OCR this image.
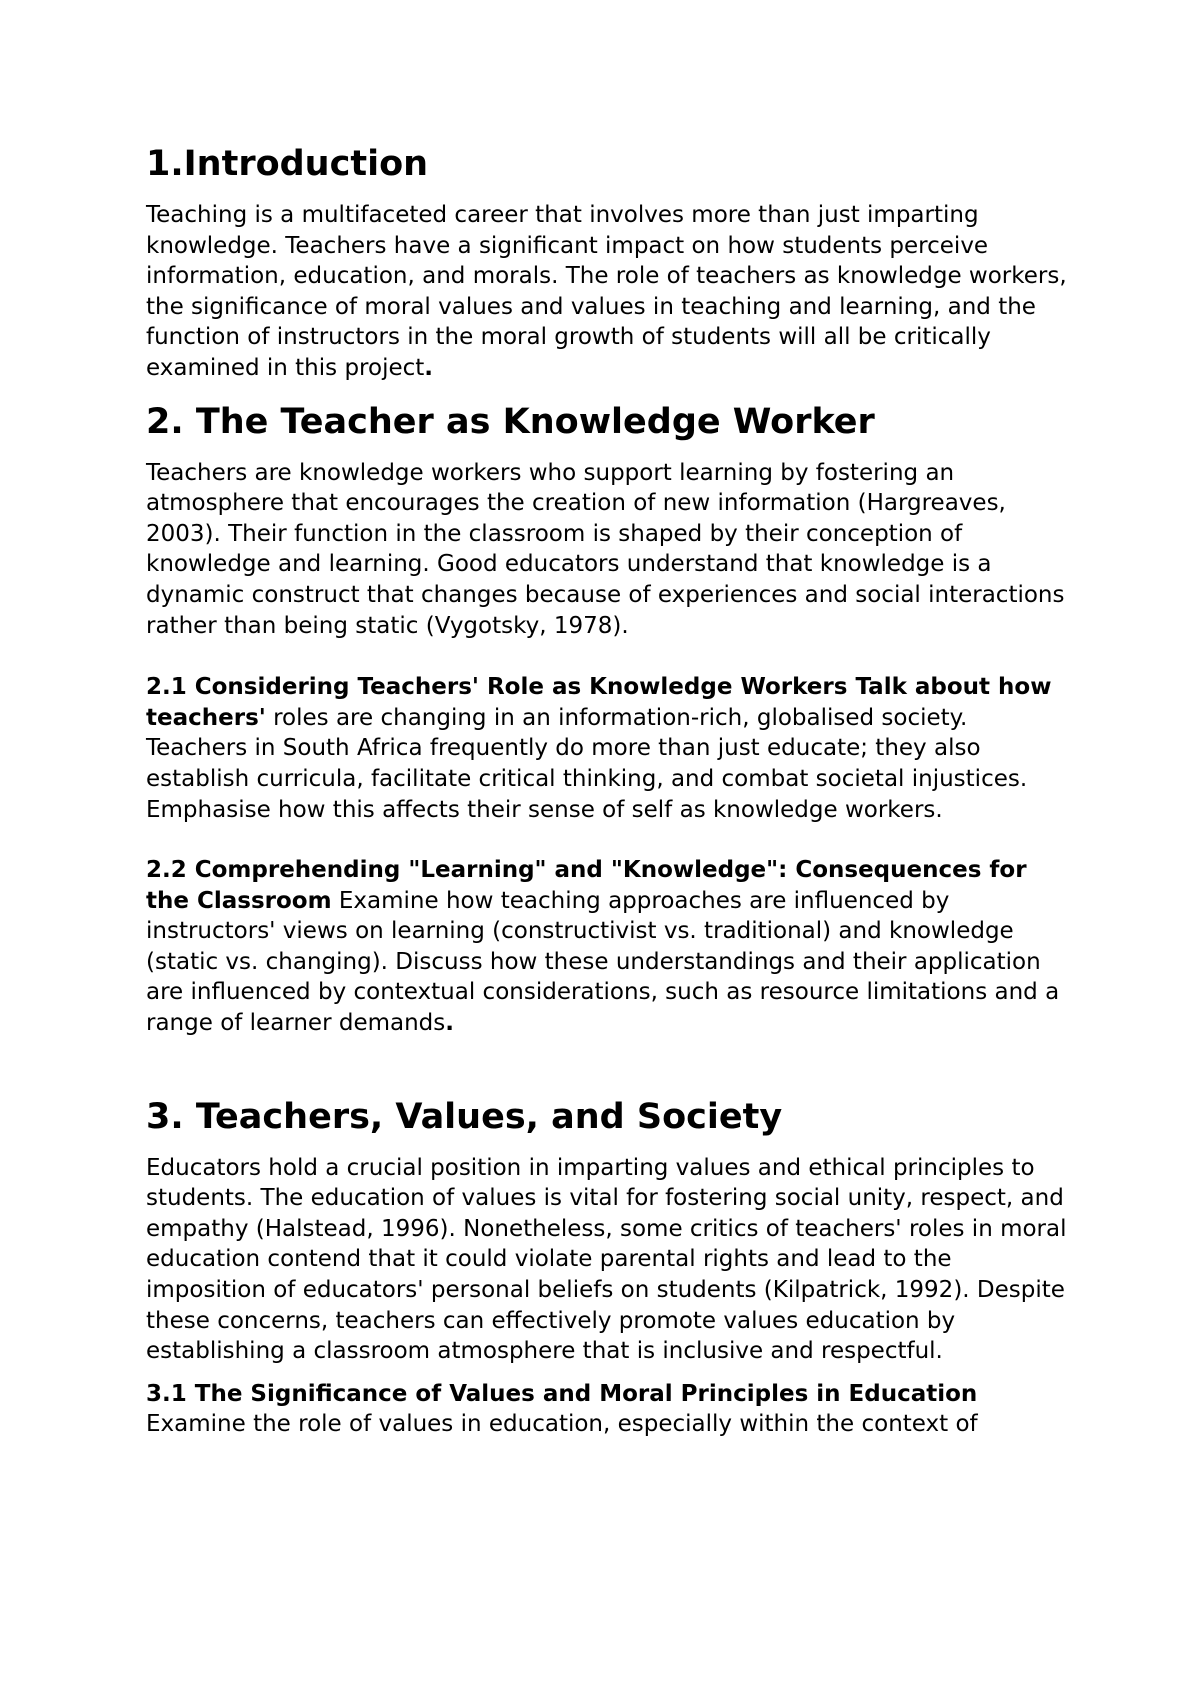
1.Introduction

Teaching is a multifaceted career that involves more than just imparting knowledge. Teachers have a significant impact on how students perceive information, education, and morals. The role of teachers as knowledge workers, the significance of moral values and values in teaching and learning, and the function of instructors in the moral growth of students will all be critically examined in this project.

2. The Teacher as Knowledge Worker

Teachers are knowledge workers who support learning by fostering an atmosphere that encourages the creation of new information (Hargreaves, 2003). Their function in the classroom is shaped by their conception of knowledge and learning. Good educators understand that knowledge is a dynamic construct that changes because of experiences and social interactions rather than being static (Vygotsky, 1978).

2.1 Considering Teachers' Role as Knowledge Workers Talk about how teachers' roles are changing in an information-rich, globalised society. Teachers in South Africa frequently do more than just educate; they also establish curricula, facilitate critical thinking, and combat societal injustices. Emphasise how this affects their sense of self as knowledge workers.

2.2 Comprehending "Learning" and "Knowledge": Consequences for the Classroom Examine how teaching approaches are influenced by instructors' views on learning (constructivist vs. traditional) and knowledge (static vs. changing). Discuss how these understandings and their application are influenced by contextual considerations, such as resource limitations and a range of learner demands.

3. Teachers, Values, and Society

Educators hold a crucial position in imparting values and ethical principles to students. The education of values is vital for fostering social unity, respect, and empathy (Halstead, 1996). Nonetheless, some critics of teachers' roles in moral education contend that it could violate parental rights and lead to the imposition of educators' personal beliefs on students (Kilpatrick, 1992). Despite these concerns, teachers can effectively promote values education by establishing a classroom atmosphere that is inclusive and respectful.

3.1 The Significance of Values and Moral Principles in Education
Examine the role of values in education, especially within the context of
